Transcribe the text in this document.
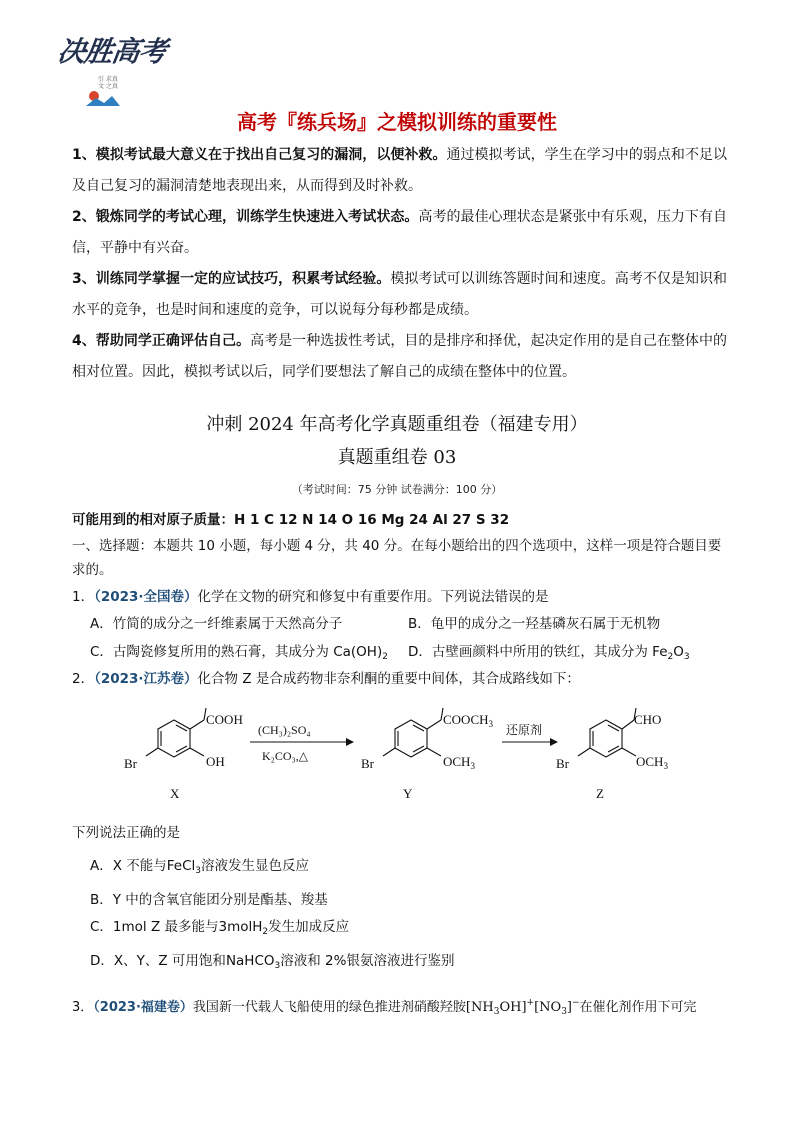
决胜高考
引 求真
文 之真
高考『练兵场』之模拟训练的重要性
1、模拟考试最大意义在于找出自己复习的漏洞，以便补救。通过模拟考试，学生在学习中的弱点和不足以及自己复习的漏洞清楚地表现出来，从而得到及时补救。
2、锻炼同学的考试心理，训练学生快速进入考试状态。高考的最佳心理状态是紧张中有乐观，压力下有自信，平静中有兴奋。
3、训练同学掌握一定的应试技巧，积累考试经验。模拟考试可以训练答题时间和速度。高考不仅是知识和水平的竞争，也是时间和速度的竞争，可以说每分每秒都是成绩。
4、帮助同学正确评估自己。高考是一种选拔性考试，目的是排序和择优，起决定作用的是自己在整体中的相对位置。因此，模拟考试以后，同学们要想法了解自己的成绩在整体中的位置。
冲刺 2024 年高考化学真题重组卷（福建专用）
真题重组卷 03
（考试时间：75 分钟 试卷满分：100 分）
可能用到的相对原子质量：H 1 C 12 N 14 O 16 Mg 24 Al 27 S 32
一、选择题：本题共 10 小题，每小题 4 分，共 40 分。在每小题给出的四个选项中，这样一项是符合题目要求的。
1．（2023·全国卷）化学在文物的研究和修复中有重要作用。下列说法错误的是
A．竹简的成分之一纤维素属于天然高分子	B．龟甲的成分之一羟基磷灰石属于无机物
C．古陶瓷修复所用的熟石膏，其成分为 $Ca(OH)_2$	D．古壁画颜料中所用的铁红，其成分为 $Fe_2O_3$
2．（2023·江苏卷）化合物 Z 是合成药物非奈利酮的重要中间体，其合成路线如下：
COOH
OH
Br
(CH₃)₂SO₄
K₂CO₃,△
$COOCH_3$
$OCH_3$
Br
还原剂
CHO
$OCH_3$
Br
X	Y	Z
下列说法正确的是
A．X 不能与FeCl$_3$溶液发生显色反应
B．Y 中的含氧官能团分别是酯基、羧基
C．1mol Z 最多能与3molH$_2$发生加成反应
D．X、Y、Z 可用饱和NaHCO$_3$溶液和 2%银氨溶液进行鉴别
3．（2023·福建卷）我国新一代载人飞船使用的绿色推进剂硝酸羟胺$[NH_3OH]^+[NO_3]^-$在催化剂作用下可完
